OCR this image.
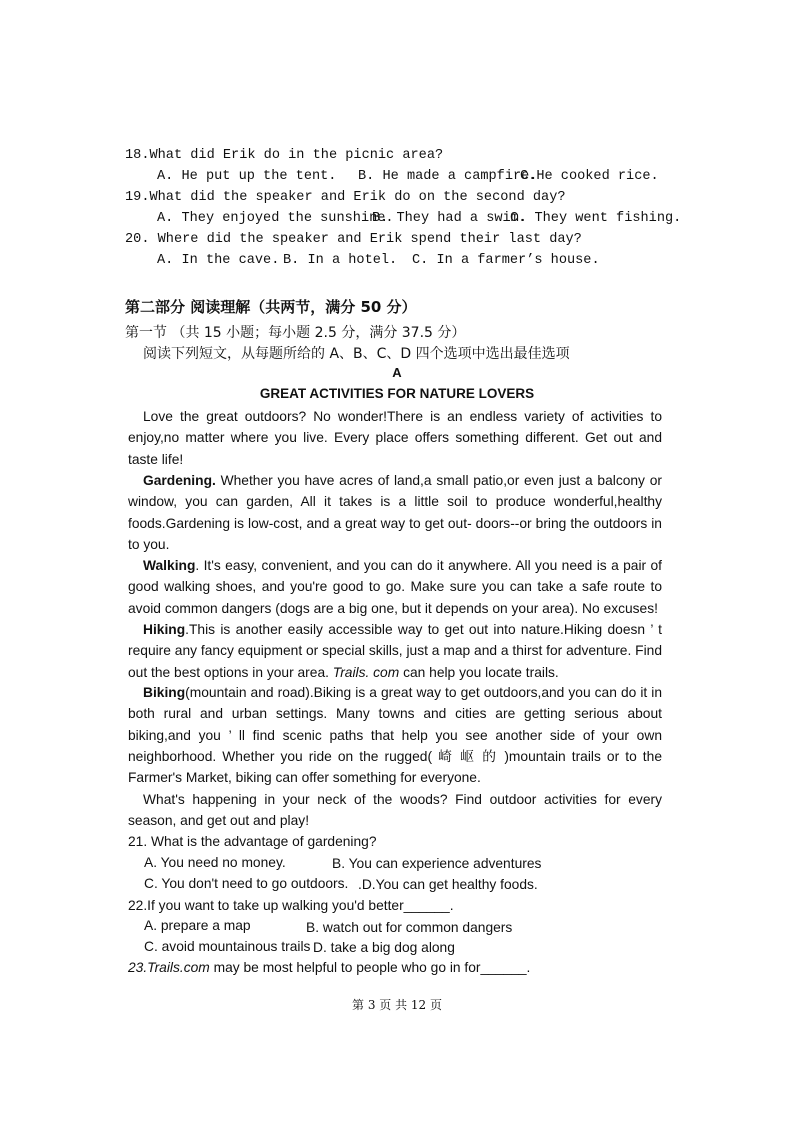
18.What did Erik do in the picnic area?
A. He put up the tent. B. He made a campfire.
C.He cooked rice.
19.What did the speaker and Erik do on the second day?
A. They enjoyed the sunshine.
B. They had a swim.
C. They went fishing.
20. Where did the speaker and Erik spend their last day?
A. In the cave. B. In a hotel. C. In a farmer’s house.
第二部分 阅读理解（共两节，满分 50 分）
第一节 （共 15 小题；每小题 2.5 分，满分 37.5 分）
阅读下列短文，从每题所给的 A、B、C、D 四个选项中选出最佳选项
A
GREAT ACTIVITIES FOR NATURE LOVERS

Love the great outdoors? No wonder!There is an endless variety of activities to enjoy,no matter where you live. Every place offers something different. Get out and taste life!

Gardening. Whether you have acres of land,a small patio,or even just a balcony or window, you can garden, All it takes is a little soil to produce wonderful,healthy foods.Gardening is low-cost, and a great way to get out- doors--or bring the outdoors in to you.

Walking. It's easy, convenient, and you can do it anywhere. All you need is a pair of good walking shoes, and you're good to go. Make sure you can take a safe route to avoid common dangers (dogs are a big one, but it depends on your area). No excuses!

Hiking.This is another easily accessible way to get out into nature.Hiking doesn ’ t require any fancy equipment or special skills, just a map and a thirst for adventure. Find out the best options in your area. Trails. com can help you locate trails.

Biking(mountain and road).Biking is a great way to get outdoors,and you can do it in both rural and urban settings. Many towns and cities are getting serious about biking,and you ’ ll find scenic paths that help you see another side of your own neighborhood. Whether you ride on the rugged( 崎 岖 的 )mountain trails or to the Farmer's Market, biking can offer something for everyone.

What's happening in your neck of the woods? Find outdoor activities for every season, and get out and play!

21. What is the advantage of gardening?
A. You need no money.	B. You can experience adventures
C. You don't need to go outdoors. .D.You can get healthy foods.
22.If you want to take up walking you'd better______.
A. prepare a map	B. watch out for common dangers
C. avoid mountainous trails D. take a big dog along
23.Trails.com may be most helpful to people who go in for______.
第 3 页 共 12 页
